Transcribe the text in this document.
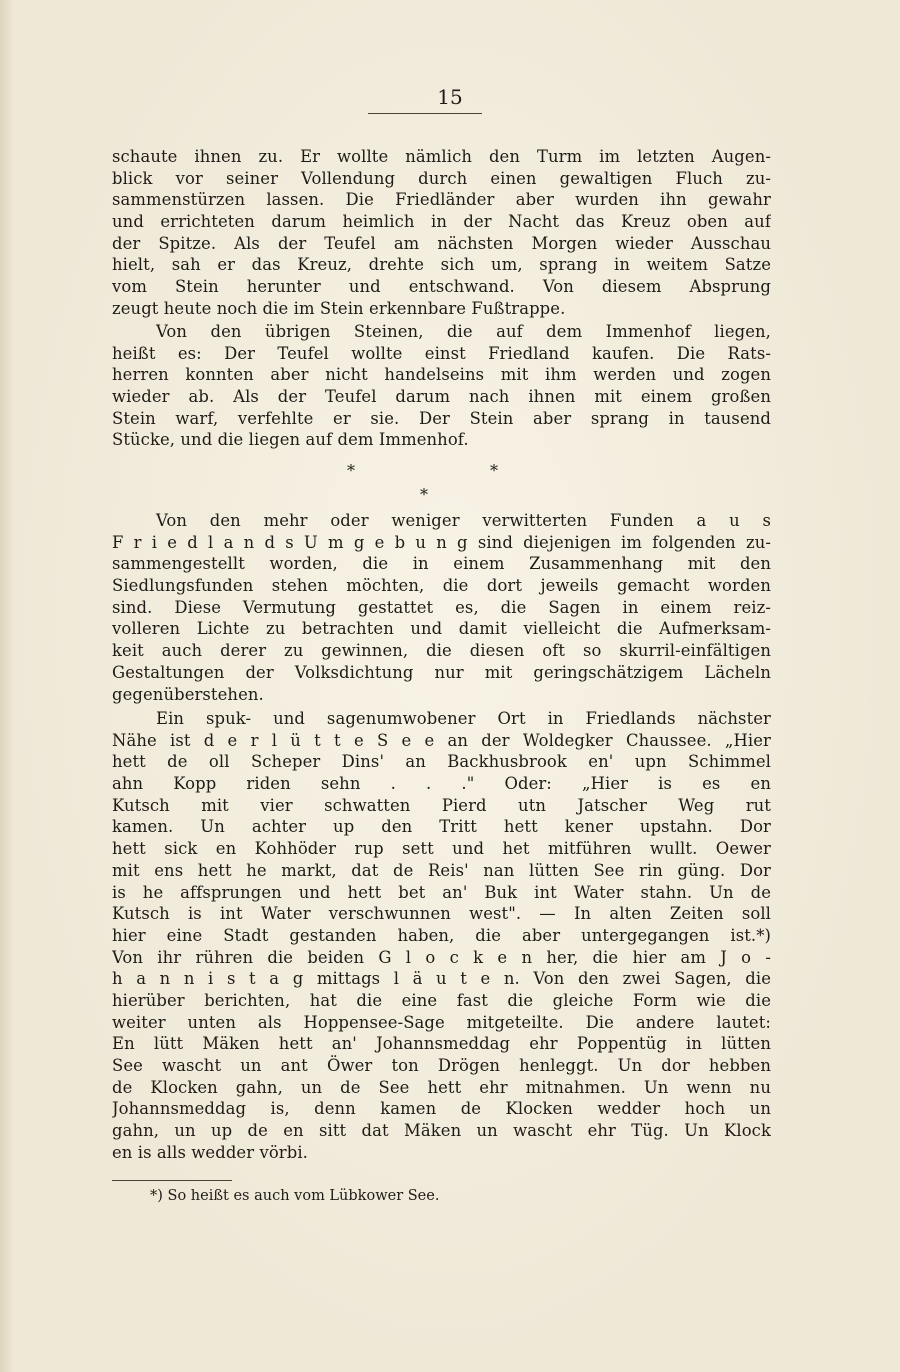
15
schaute ihnen zu. Er wollte nämlich den Turm im letzten Augen-
blick vor seiner Vollendung durch einen gewaltigen Fluch zu-
sammenstürzen lassen. Die Friedländer aber wurden ihn gewahr
und errichteten darum heimlich in der Nacht das Kreuz oben auf
der Spitze. Als der Teufel am nächsten Morgen wieder Ausschau
hielt, sah er das Kreuz, drehte sich um, sprang in weitem Satze
vom Stein herunter und entschwand. Von diesem Absprung
zeugt heute noch die im Stein erkennbare Fußtrappe.
Von den übrigen Steinen, die auf dem Immenhof liegen,
heißt es: Der Teufel wollte einst Friedland kaufen. Die Rats-
herren konnten aber nicht handelseins mit ihm werden und zogen
wieder ab. Als der Teufel darum nach ihnen mit einem großen
Stein warf, verfehlte er sie. Der Stein aber sprang in tausend
Stücke, und die liegen auf dem Immenhof.
*	*
*
Von den mehr oder weniger verwitterten Funden a u s
F r i e d l a n d s U m g e b u n g sind diejenigen im folgenden zu-
sammengestellt worden, die in einem Zusammenhang mit den
Siedlungsfunden stehen möchten, die dort jeweils gemacht worden
sind. Diese Vermutung gestattet es, die Sagen in einem reiz-
volleren Lichte zu betrachten und damit vielleicht die Aufmerksam-
keit auch derer zu gewinnen, die diesen oft so skurril-einfältigen
Gestaltungen der Volksdichtung nur mit geringschätzigem Lächeln
gegenüberstehen.
Ein spuk- und sagenumwobener Ort in Friedlands nächster
Nähe ist d e r l ü t t e S e e an der Woldegker Chaussee. „Hier
hett de oll Scheper Dins' an Backhusbrook en' upn Schimmel
ahn Kopp riden sehn . . ." Oder: „Hier is es en
Kutsch mit vier schwatten Pierd utn Jatscher Weg rut
kamen. Un achter up den Tritt hett kener upstahn. Dor
hett sick en Kohhöder rup sett und het mitführen wullt. Oewer
mit ens hett he markt, dat de Reis' nan lütten See rin güng. Dor
is he affsprungen und hett bet an' Buk int Water stahn. Un de
Kutsch is int Water verschwunnen west". — In alten Zeiten soll
hier eine Stadt gestanden haben, die aber untergegangen ist.*)
Von ihr rühren die beiden G l o c k e n her, die hier am J o -
h a n n i s t a g mittags l ä u t e n. Von den zwei Sagen, die
hierüber berichten, hat die eine fast die gleiche Form wie die
weiter unten als Hoppensee-Sage mitgeteilte. Die andere lautet:
En lütt Mäken hett an' Johannsmeddag ehr Poppentüg in lütten
See wascht un ant Öwer ton Drögen henleggt. Un dor hebben
de Klocken gahn, un de See hett ehr mitnahmen. Un wenn nu
Johannsmeddag is, denn kamen de Klocken wedder hoch un
gahn, un up de en sitt dat Mäken un wascht ehr Tüg. Un Klock
en is alls wedder vörbi.
*) So heißt es auch vom Lübkower See.
